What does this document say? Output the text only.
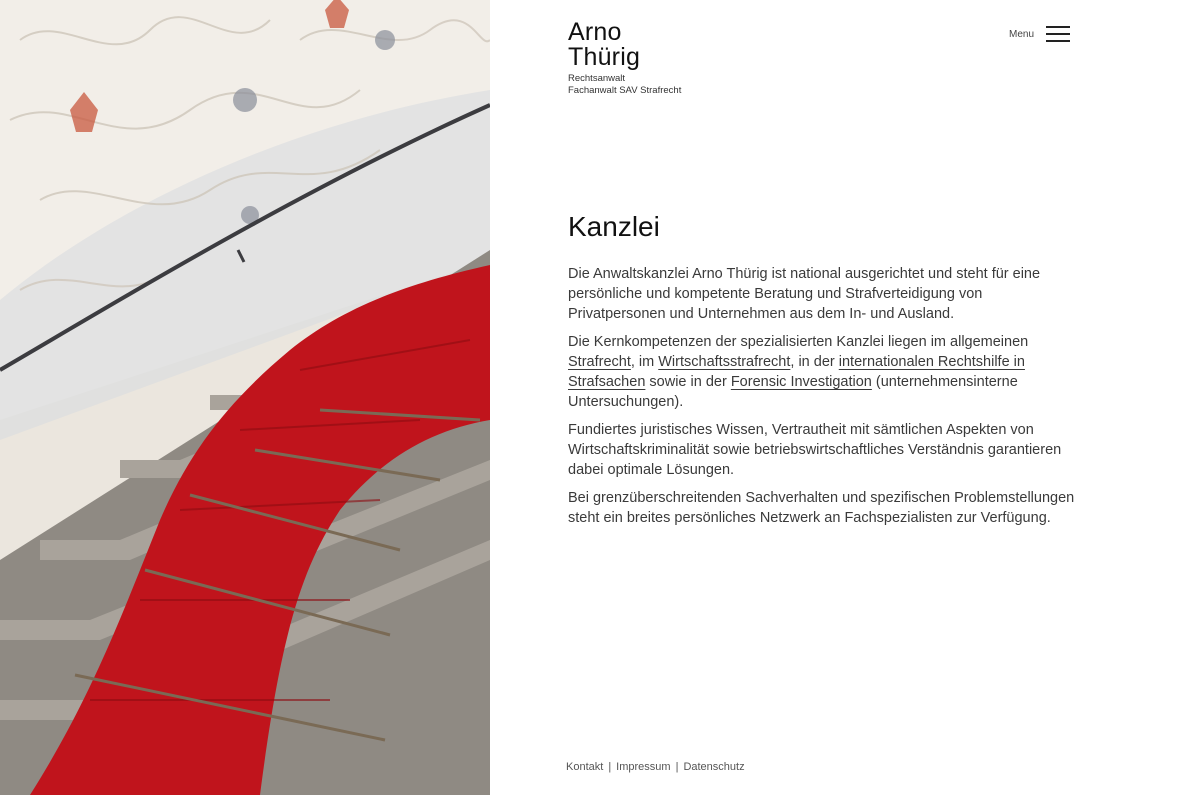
Arno
Thürig
Rechtsanwalt
Fachanwalt SAV Strafrecht
Menu
Kanzlei

Die Anwaltskanzlei Arno Thürig ist national ausgerichtet und steht für eine persönliche und kompetente Beratung und Strafverteidigung von Privatpersonen und Unternehmen aus dem In- und Ausland.

Die Kernkompetenzen der spezialisierten Kanzlei liegen im allgemeinen Strafrecht, im Wirtschaftsstrafrecht, in der internationalen Rechtshilfe in Strafsachen sowie in der Forensic Investigation (unternehmensinterne Untersuchungen).

Fundiertes juristisches Wissen, Vertrautheit mit sämtlichen Aspekten von Wirtschaftskriminalität sowie betriebswirtschaftliches Verständnis garantieren dabei optimale Lösungen.

Bei grenzüberschreitenden Sachverhalten und spezifischen Problemstellungen steht ein breites persönliches Netzwerk an Fachspezialisten zur Verfügung.

Kontakt | Impressum | Datenschutz
